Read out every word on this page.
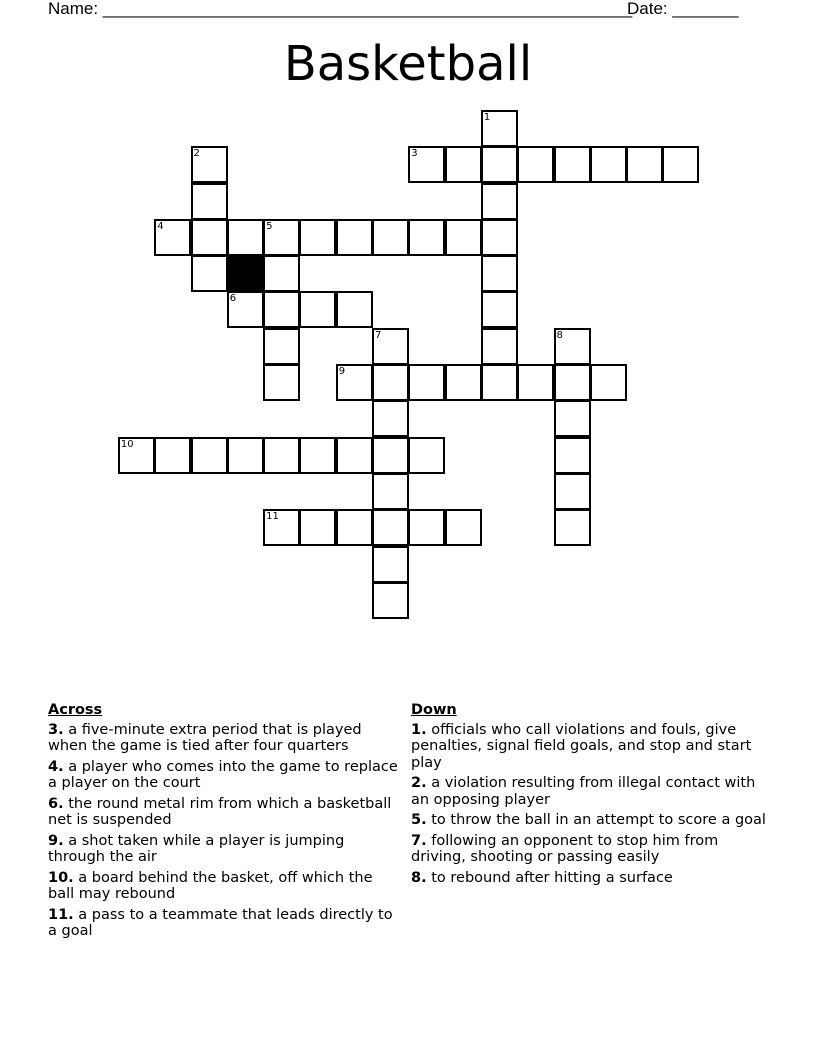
Name: ________________________________________________________
Date: _______
Basketball
1
2	3
4	5
6
7	8
9
10
11
Across
3. a five-minute extra period that is played when the game is tied after four quarters
4. a player who comes into the game to replace a player on the court
6. the round metal rim from which a basketball net is suspended
9. a shot taken while a player is jumping through the air
10. a board behind the basket, off which the ball may rebound
11. a pass to a teammate that leads directly to a goal
Down
1. officials who call violations and fouls, give penalties, signal field goals, and stop and start play
2. a violation resulting from illegal contact with an opposing player
5. to throw the ball in an attempt to score a goal
7. following an opponent to stop him from driving, shooting or passing easily
8. to rebound after hitting a surface
